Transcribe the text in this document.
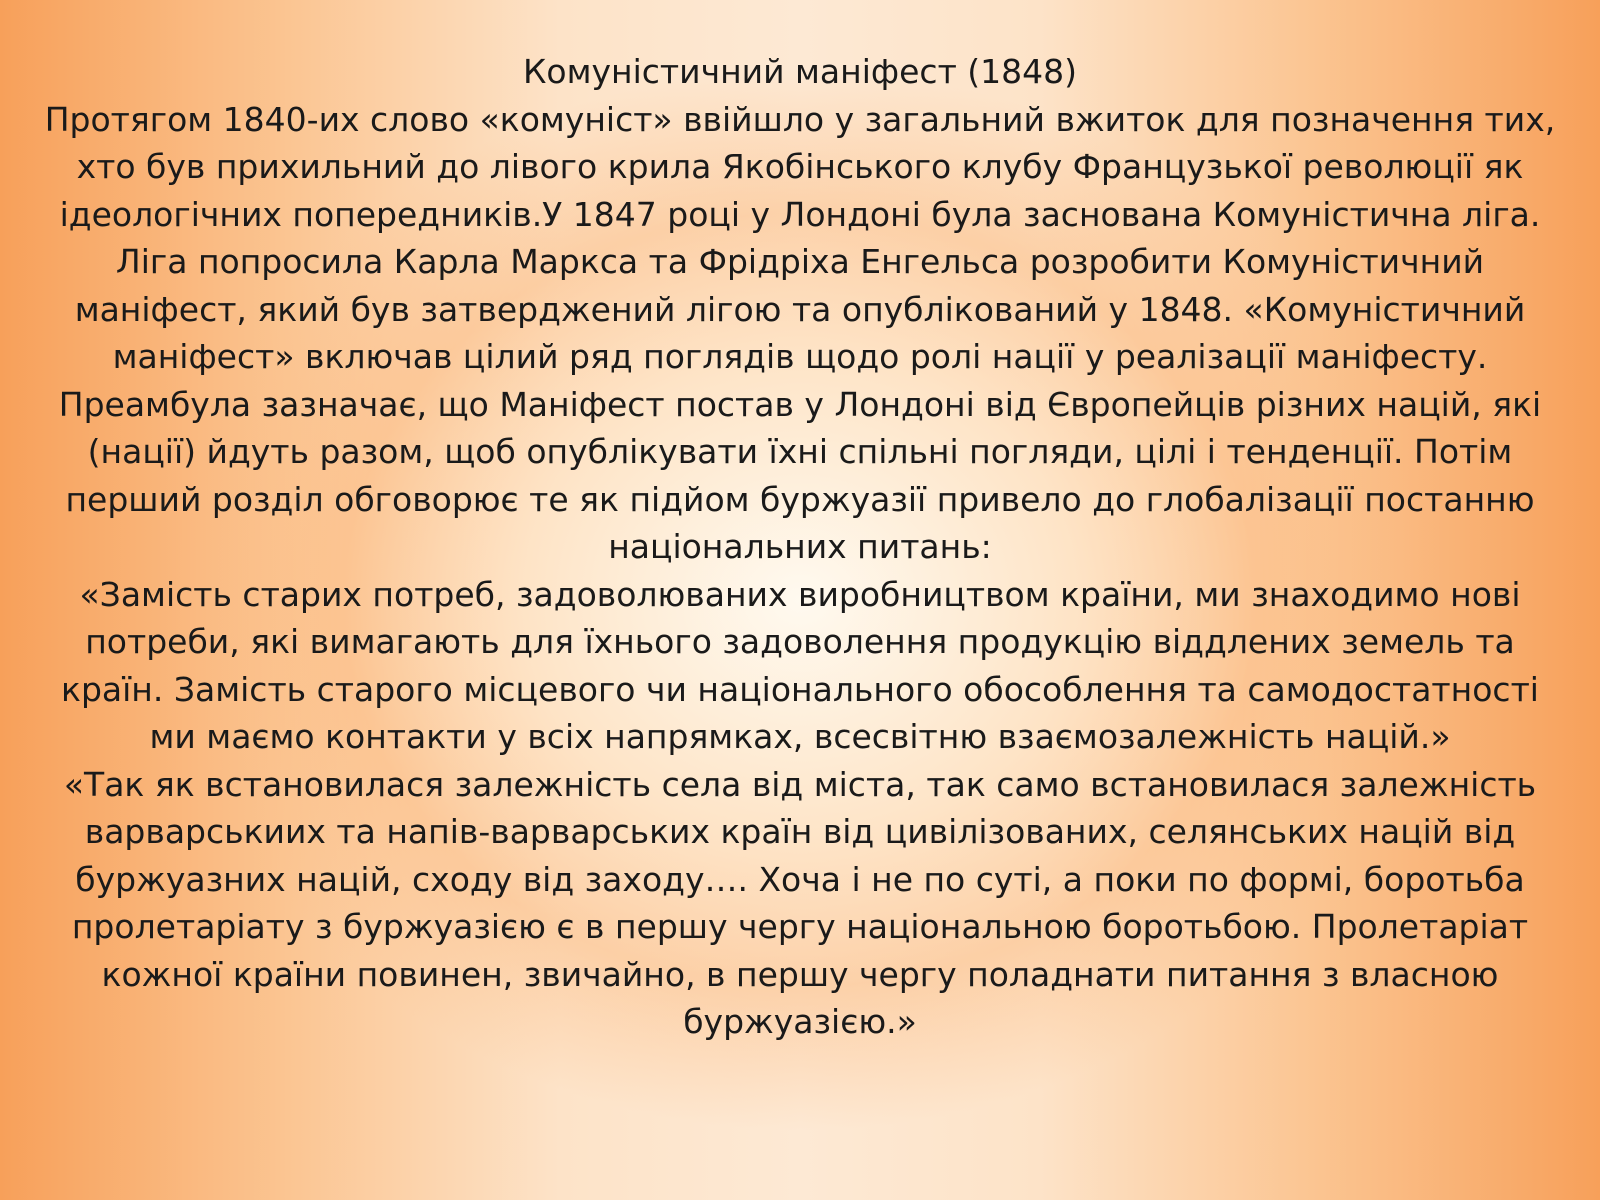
Комуністичний маніфест (1848)

Протягом 1840-их слово «комуніст» ввійшло у загальний вжиток для позначення тих, хто був прихильний до лівого крила Якобінського клубу Французької революції як ідеологічних попередників.У 1847 році у Лондоні була заснована Комуністична ліга. Ліга попросила Карла Маркса та Фрідріха Енгельса розробити Комуністичний маніфест, який був затверджений лігою та опублікований у 1848. «Комуністичний маніфест» включав цілий ряд поглядів щодо ролі нації у реалізації маніфесту. Преамбула зазначає, що Маніфест постав у Лондоні від Європейців різних націй, які (нації) йдуть разом, щоб опублікувати їхні спільні погляди, цілі і тенденції. Потім перший розділ обговорює те як підйом буржуазії привело до глобалізації постанню національних питань:

«Замість старих потреб, задоволюваних виробництвом країни, ми знаходимо нові потреби, які вимагають для їхнього задоволення продукцію віддлених земель та країн. Замість старого місцевого чи національного обособлення та самодостатності ми маємо контакти у всіх напрямках, всесвітню взаємозалежність націй.»

«Так як встановилася залежність села від міста, так само встановилася залежність варварськиих та напів-варварських країн від цивілізованих, селянських націй від буржуазних націй, сходу від заходу…. Хоча і не по суті, а поки по формі, боротьба пролетаріату з буржуазією є в першу чергу національною боротьбою. Пролетаріат кожної країни повинен, звичайно, в першу чергу поладнати питання з власною буржуазією.»
